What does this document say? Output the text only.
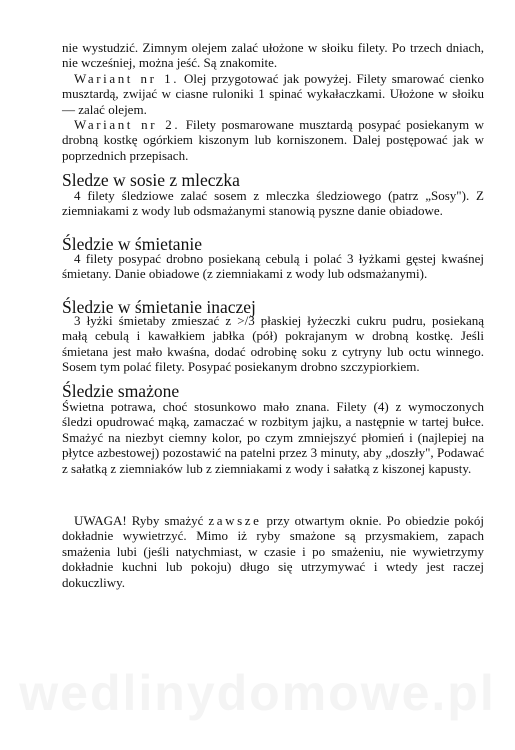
nie wystudzić. Zimnym olejem zalać ułożone w słoiku filety. Po trzech dniach, nie wcześniej, można jeść. Są znakomite.

Wariant nr 1. Olej przygotować jak powyżej. Filety smarować cienko musztardą, zwijać w ciasne ruloniki 1 spinać wykałaczkami. Ułożone w słoiku — zalać olejem.

Wariant nr 2. Filety posmarowane musztardą posypać posiekanym w drobną kostkę ogórkiem kiszonym lub korniszonem. Dalej postępować jak w poprzednich przepisach.

Sledze w sosie z mleczka

4 filety śledziowe zalać sosem z mleczka śledziowego (patrz „Sosy"). Z ziemniakami z wody lub odsmażanymi stanowią pyszne danie obiadowe.

Śledzie w śmietanie

4 filety posypać drobno posiekaną cebulą i polać 3 łyżkami gęstej kwaśnej śmietany. Danie obiadowe (z ziemniakami z wody lub odsmażanymi).

Śledzie w śmietanie inaczej

3 łyżki śmietaby zmieszać z >/3 płaskiej łyżeczki cukru pudru, posiekaną małą cebulą i kawałkiem jabłka (pół) pokrajanym w drobną kostkę. Jeśli śmietana jest mało kwaśna, dodać odrobinę soku z cytryny lub octu winnego. Sosem tym polać filety. Posypać posiekanym drobno szczypiorkiem.

Śledzie smażone

Świetna potrawa, choć stosunkowo mało znana. Filety (4) z wymoczonych śledzi opudrować mąką, zamaczać w rozbitym jajku, a następnie w tartej bułce. Smażyć na niezbyt ciemny kolor, po czym zmniejszyć płomień i (najlepiej na płytce azbestowej) pozostawić na patelni przez 3 minuty, aby „doszły", Podawać z sałatką z ziemniaków lub z ziemniakami z wody i sałatką z kiszonej kapusty.

UWAGA! Ryby smażyć zawsze przy otwartym oknie. Po obiedzie pokój dokładnie wywietrzyć. Mimo iż ryby smażone są przysmakiem, zapach smażenia lubi (jeśli natychmiast, w czasie i po smażeniu, nie wywietrzymy dokładnie kuchni lub pokoju) długo się utrzymywać i wtedy jest raczej dokuczliwy.

wedlinydomowe.pl
